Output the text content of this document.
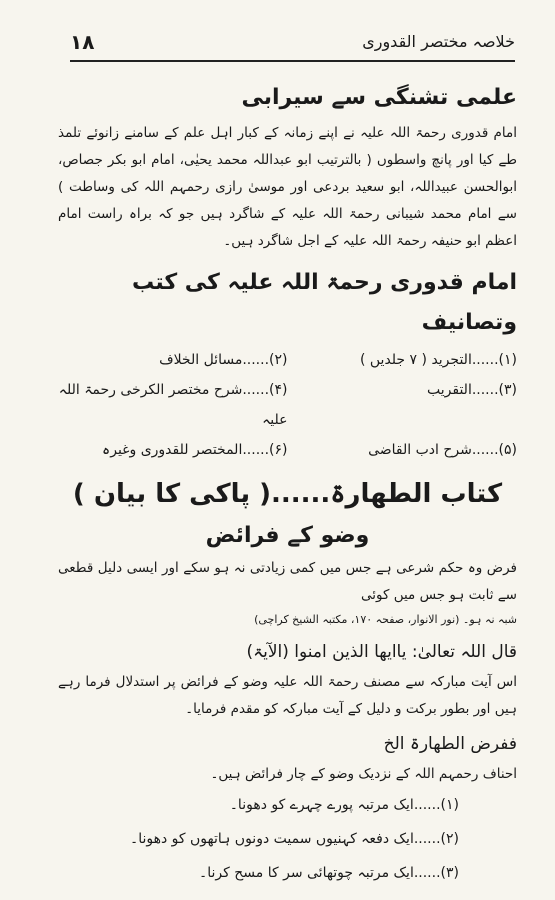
۱۸	خلاصہ مختصر القدوری
علمی تشنگی سے سیرابی

امام قدوری رحمۃ اللہ علیہ نے اپنے زمانہ کے کبار اہل علم کے سامنے زانوئے تلمذ طے کیا اور پانچ واسطوں ( بالترتیب ابو عبداللہ محمد یحیٰی، امام ابو بکر جصاص، ابوالحسن عبیداللہ، ابو سعید بردعی اور موسیٰ رازی رحمہم اللہ کی وساطت ) سے امام محمد شیبانی رحمۃ اللہ علیہ کے شاگرد ہیں جو کہ براہ راست امام اعظم ابو حنیفہ رحمۃ اللہ علیہ کے اجل شاگرد ہیں۔

امام قدوری رحمۃ اللہ علیہ کی کتب وتصانیف
(۱)......التجرید ( ۷ جلدیں )
(۲)......مسائل الخلاف
(۳)......التقریب
(۴)......شرح مختصر الکرخی رحمۃ اللہ علیہ
(۵)......شرح ادب القاضی
(۶)......المختصر للقدوری وغیرہ
کتاب الطھارۃ......( پاکی کا بیان )
وضو کے فرائض

فرض وہ حکم شرعی ہے جس میں کمی زیادتی نہ ہو سکے اور ایسی دلیل قطعی سے ثابت ہو جس میں کوئی

شبہ نہ ہو۔ (نور الانوار، صفحہ ۱۷۰، مکتبہ الشیخ کراچی)

قال اللہ تعالیٰ: یاایھا الذین امنوا (الآیۃ)

اس آیت مبارکہ سے مصنف رحمۃ اللہ علیہ وضو کے فرائض پر استدلال فرما رہے ہیں اور بطور برکت و دلیل کے آیت مبارکہ کو مقدم فرمایا۔

ففرض الطھارۃ الخ

احناف رحمہم اللہ کے نزدیک وضو کے چار فرائض ہیں۔

(۱)......ایک مرتبہ پورے چہرے کو دھونا۔
(۲)......ایک دفعہ کہنیوں سمیت دونوں ہاتھوں کو دھونا۔
(۳)......ایک مرتبہ چوتھائی سر کا مسح کرنا۔
